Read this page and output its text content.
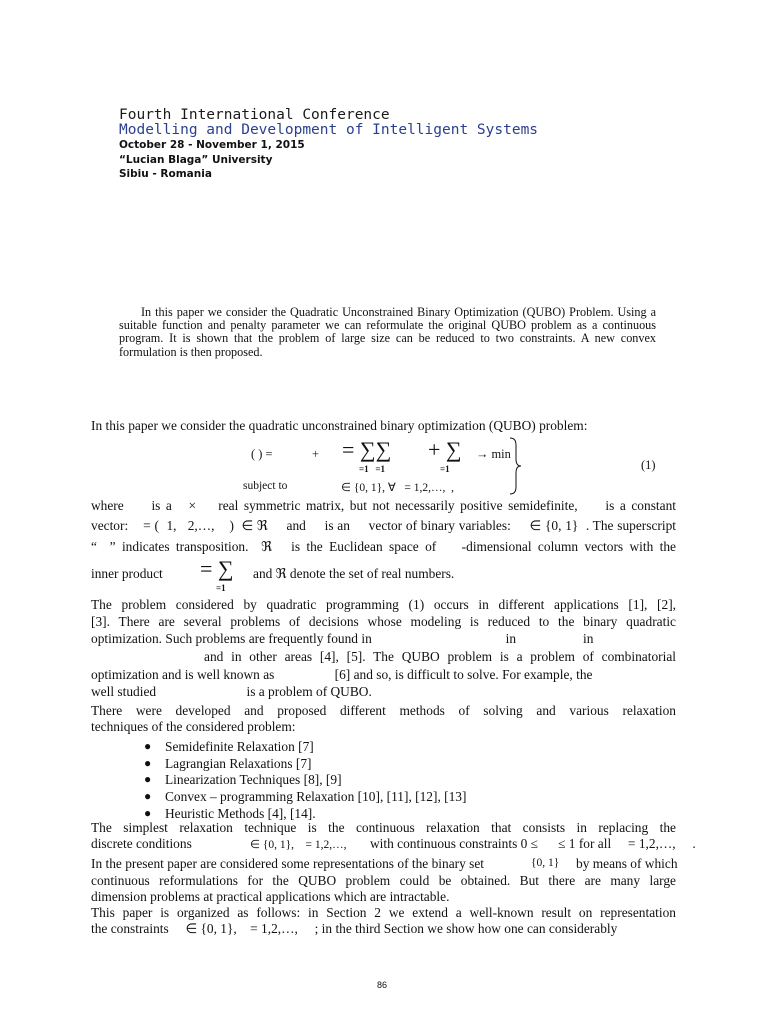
Fourth International Conference
Modelling and Development of Intelligent Systems
October 28 - November 1, 2015
“Lucian Blaga” University
Sibiu - Romania
In this paper we consider the Quadratic Unconstrained Binary Optimization (QUBO) Problem. Using a suitable function and penalty parameter we can reformulate the original QUBO problem as a continuous program. It is shown that the problem of large size can be reduced to two constraints. A new convex formulation is then proposed.
In this paper we consider the quadratic unconstrained binary optimization (QUBO) problem:
( ) =	+ = ∑∑ + ∑ → min
=1   =1	=1
subject to	∈ {0, 1}, ∀   = 1,2,…,  ,
(1)
where     is a   ×    real symmetric matrix, but not necessarily positive semidefinite,     is a constant
vector:    = (  1,   2,…,    )  ∈ ℜ     and     is an     vector of binary variables:     ∈ {0, 1}  . The superscript
“  ” indicates transposition.  ℜ   is the Euclidean space of    -dimensional column vectors with the
inner product = ∑
=1
and ℜ denote the set of real numbers.
The problem considered by quadratic programming (1) occurs in different applications [1], [2],
[3]. There are several problems of decisions whose modeling is reduced to the binary quadratic
optimization. Such problems are frequently found in                                        in                    in
and in other areas [4], [5]. The QUBO problem is a problem of combinatorial
optimization and is well known as                  [6] and so, is difficult to solve. For example, the
well studied                           is a problem of QUBO.
There were developed and proposed different methods of solving and various relaxation
techniques of the considered problem:
● Semidefinite Relaxation [7]
● Lagrangian Relaxations [7]
● Linearization Techniques [8], [9]
● Convex – programming Relaxation [10], [11], [12], [13]
● Heuristic Methods [4], [14].
The simplest relaxation technique is the continuous relaxation that consists in replacing the
discrete conditions	∈ {0, 1},    = 1,2,…, with continuous constraints 0 ≤      ≤ 1 for all     = 1,2,…,     .
In the present paper are considered some representations of the binary set	{0, 1} by means of which
continuous reformulations for the QUBO problem could be obtained. But there are many large
dimension problems at practical applications which are intractable.
This paper is organized as follows: in Section 2 we extend a well-known result on representation
the constraints     ∈ {0, 1},    = 1,2,…,     ; in the third Section we show how one can considerably
86
